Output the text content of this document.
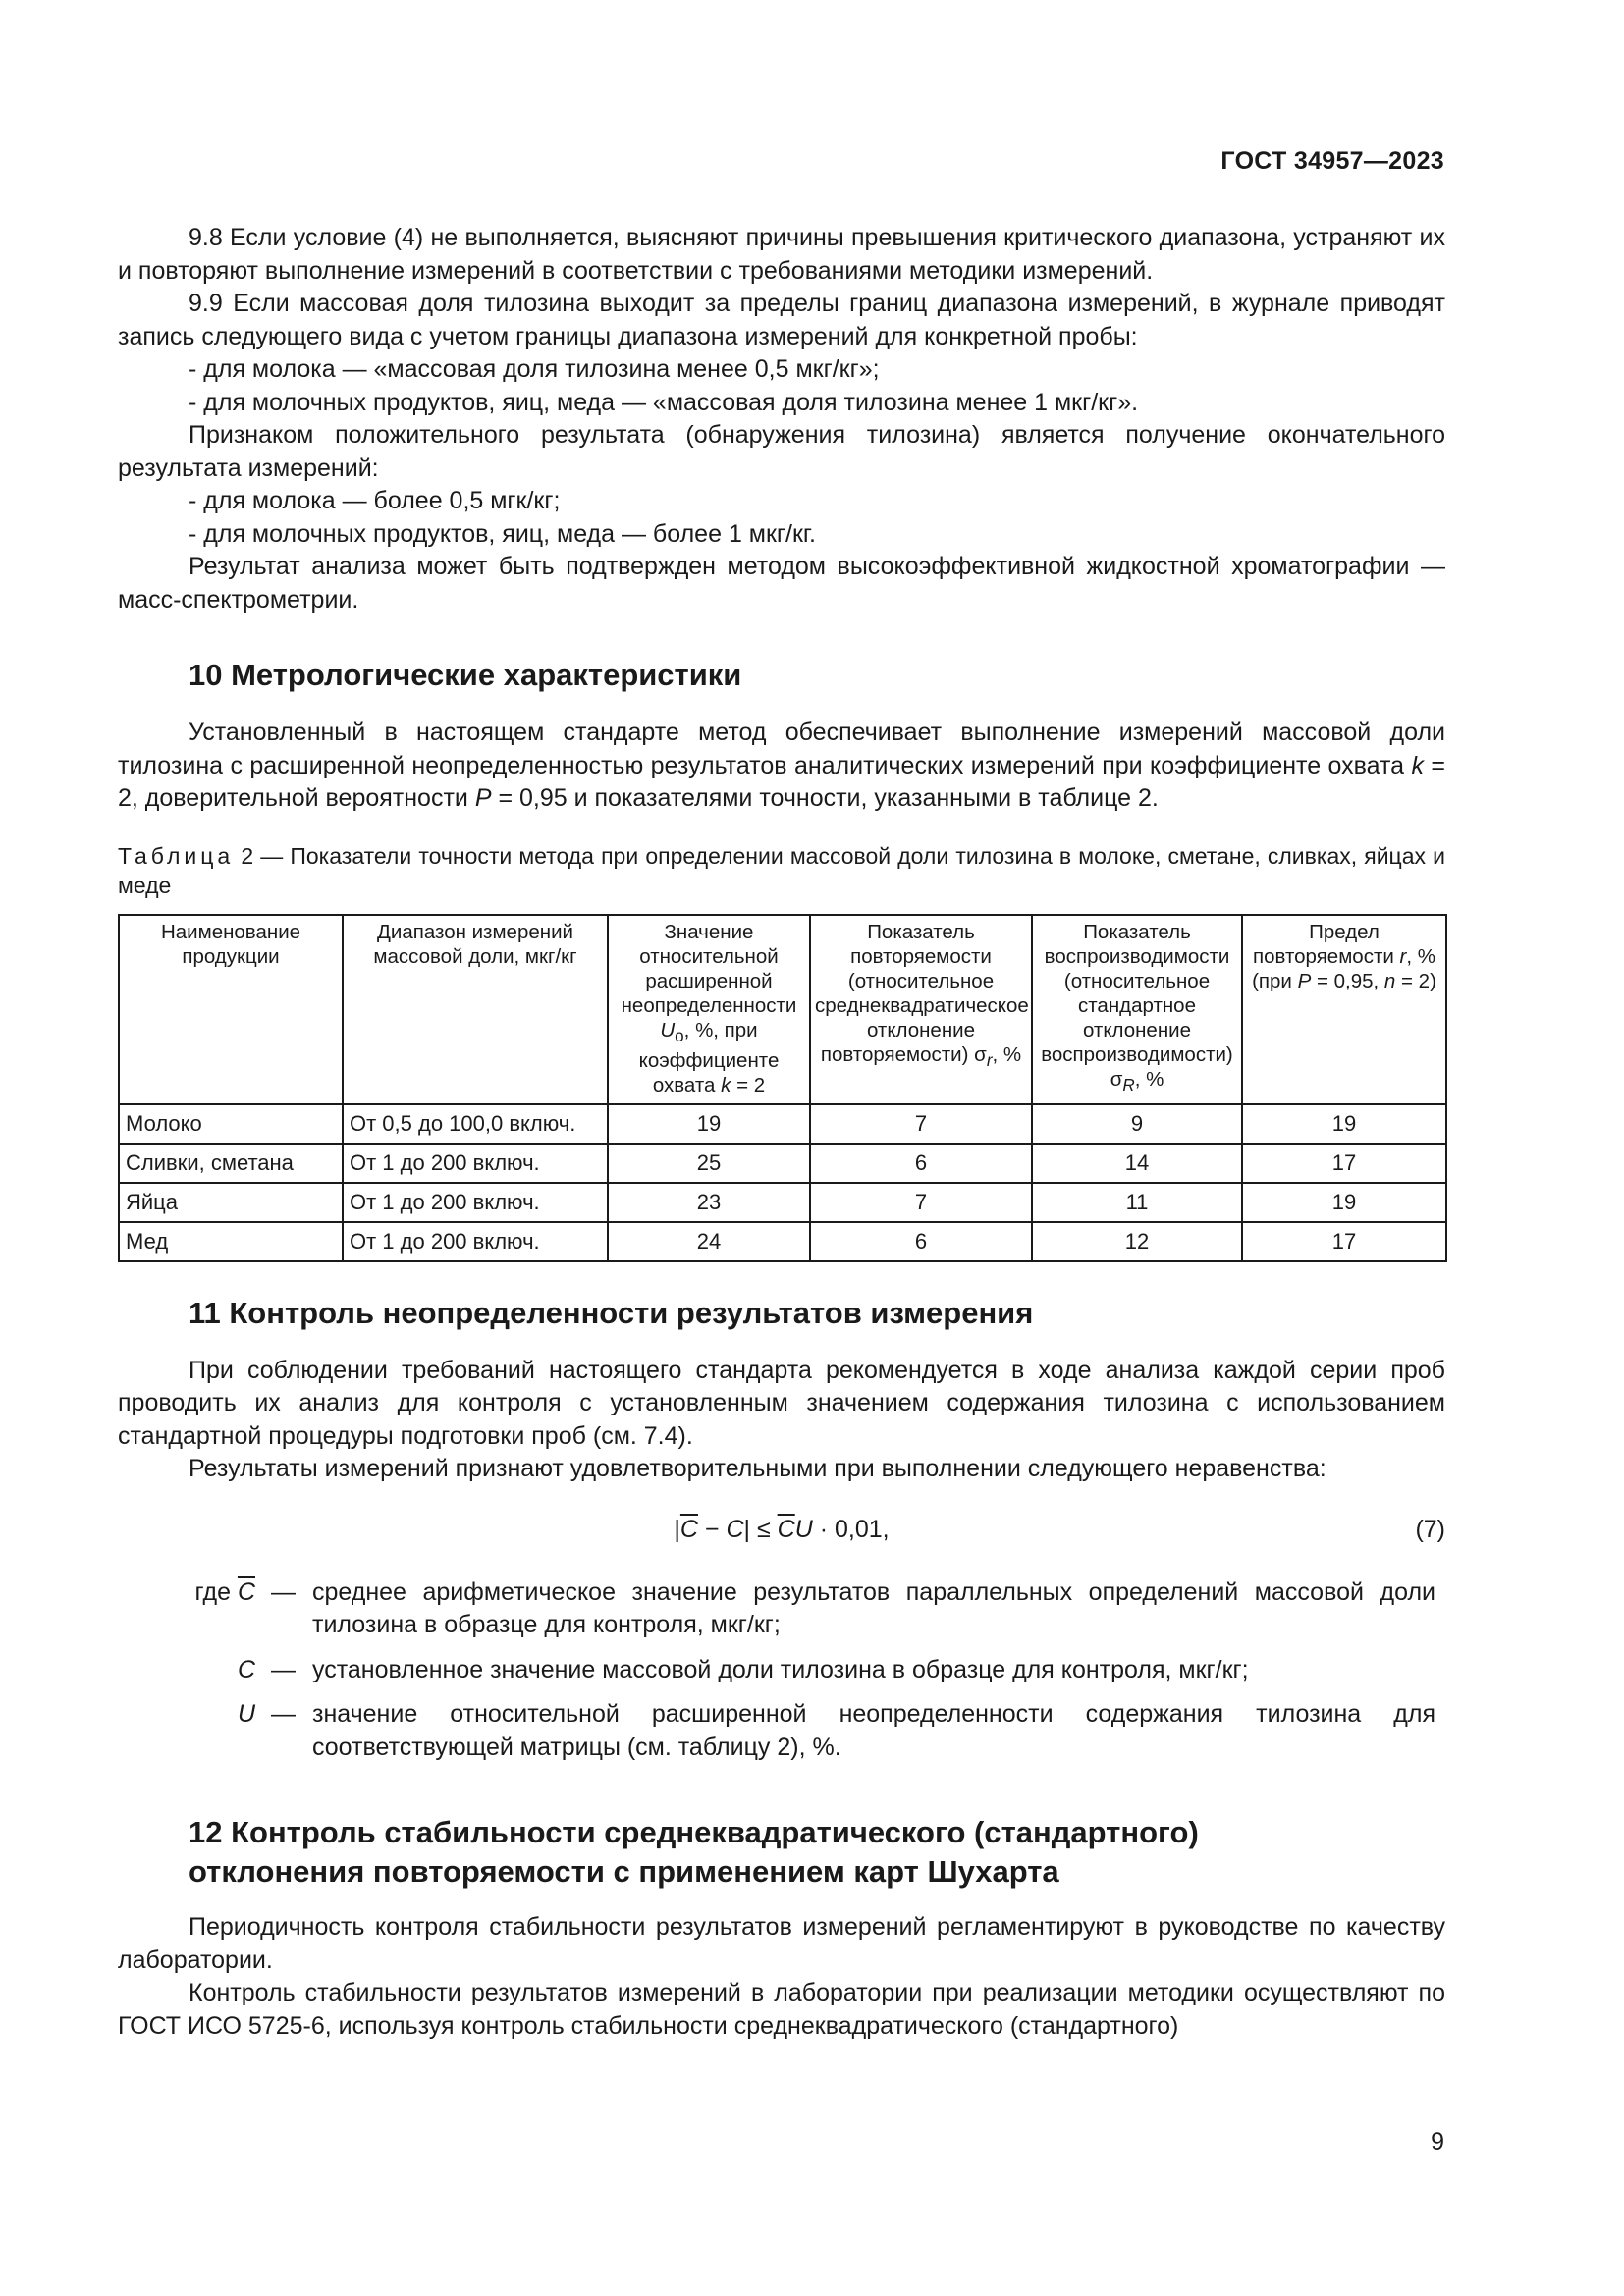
ГОСТ 34957—2023

9.8 Если условие (4) не выполняется, выясняют причины превышения критического диапазона, устраняют их и повторяют выполнение измерений в соответствии с требованиями методики измерений.

9.9 Если массовая доля тилозина выходит за пределы границ диапазона измерений, в журнале приводят запись следующего вида с учетом границы диапазона измерений для конкретной пробы:

- для молока — «массовая доля тилозина менее 0,5 мкг/кг»;

- для молочных продуктов, яиц, меда — «массовая доля тилозина менее 1 мкг/кг».

Признаком положительного результата (обнаружения тилозина) является получение окончательного результата измерений:

- для молока — более 0,5 мгк/кг;

- для молочных продуктов, яиц, меда — более 1 мкг/кг.

Результат анализа может быть подтвержден методом высокоэффективной жидкостной хроматографии — масс-спектрометрии.

10 Метрологические характеристики

Установленный в настоящем стандарте метод обеспечивает выполнение измерений массовой доли тилозина с расширенной неопределенностью результатов аналитических измерений при коэффициенте охвата k = 2, доверительной вероятности P = 0,95 и показателями точности, указанными в таблице 2.

Таблица 2 — Показатели точности метода при определении массовой доли тилозина в молоке, сметане, сливках, яйцах и меде
Наименование продукции	Диапазон измерений массовой доли, мкг/кг	Значение относительной расширенной неопределенности $U_o$, %, при коэффициенте охвата k = 2	Показатель повторяемости (относительное среднеквадратическое отклонение повторяемости) $\sigma_r$, %	Показатель воспроизводимости (относительное стандартное отклонение воспроизводимости) $\sigma_R$, %	Предел повторяемости r, % (при P = 0,95, n = 2)
Молоко	От 0,5 до 100,0 включ.	19	7	9	19
Сливки, сметана	От 1 до 200 включ.	25	6	14	17
Яйца	От 1 до 200 включ.	23	7	11	19
Мед	От 1 до 200 включ.	24	6	12	17
11 Контроль неопределенности результатов измерения

При соблюдении требований настоящего стандарта рекомендуется в ходе анализа каждой серии проб проводить их анализ для контроля с установленным значением содержания тилозина с использованием стандартной процедуры подготовки проб (см. 7.4).

Результаты измерений признают удовлетворительными при выполнении следующего неравенства:

$|\overline{C} - C| \le \overline{C}U \cdot 0,01$,	(7)
где $\overline{C}$	—	среднее арифметическое значение результатов параллельных определений массовой доли тилозина в образце для контроля, мкг/кг;
C	—	установленное значение массовой доли тилозина в образце для контроля, мкг/кг;
U	—	значение относительной расширенной неопределенности содержания тилозина для соответствующей матрицы (см. таблицу 2), %.
12 Контроль стабильности среднеквадратического (стандартного)
отклонения повторяемости с применением карт Шухарта

Периодичность контроля стабильности результатов измерений регламентируют в руководстве по качеству лаборатории.

Контроль стабильности результатов измерений в лаборатории при реализации методики осуществляют по ГОСТ ИСО 5725-6, используя контроль стабильности среднеквадратического (стандартного)

9
